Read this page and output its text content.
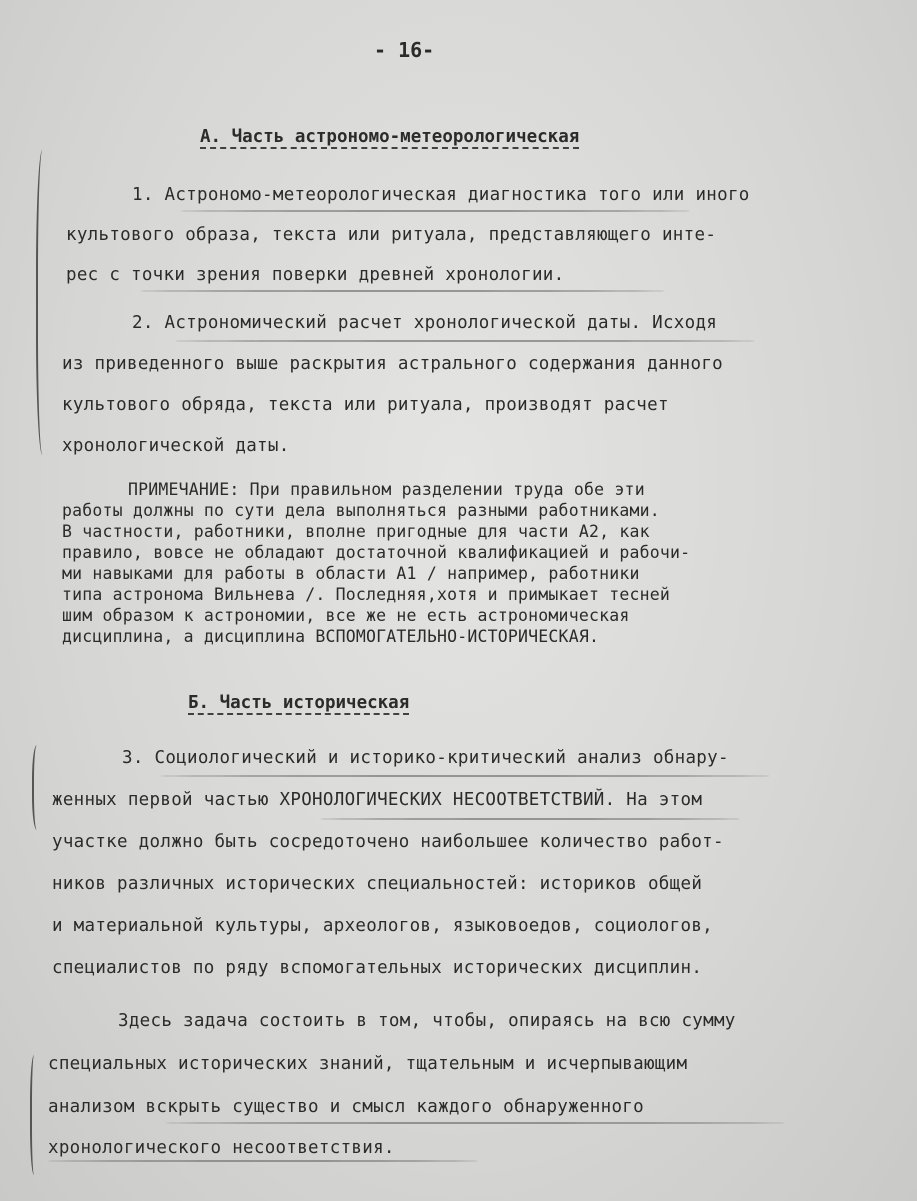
- 16-
А. Часть астрономо-метеорологическая
1. Астрономо-метеорологическая диагностика того или иного
культового образа, текста или ритуала, представляющего инте-
рес с точки зрения поверки древней хронологии.
2. Астрономический расчет хронологической даты. Исходя
из приведенного выше раскрытия астрального содержания данного
культового обряда, текста или ритуала, производят расчет
хронологической даты.
ПРИМЕЧАНИЕ: При правильном разделении труда обе эти
работы должны по сути дела выполняться разными работниками.
В частности, работники, вполне пригодные для части А2, как
правило, вовсе не обладают достаточной квалификацией и рабочи-
ми навыками для работы в области А1 / например, работники
типа астронома Вильнева /. Последняя,хотя и примыкает тесней
шим образом к астрономии, все же не есть астрономическая
дисциплина, а дисциплина ВСПОМОГАТЕЛЬНО-ИСТОРИЧЕСКАЯ.
Б. Часть историческая
3. Социологический и историко-критический анализ обнару-
женных первой частью ХРОНОЛОГИЧЕСКИХ НЕСООТВЕТСТВИЙ. На этом
участке должно быть сосредоточено наибольшее количество работ-
ников различных исторических специальностей: историков общей
и материальной культуры, археологов, языковоедов, социологов,
специалистов по ряду вспомогательных исторических дисциплин.
Здесь задача состоить в том, чтобы, опираясь на всю сумму
специальных исторических знаний, тщательным и исчерпывающим
анализом вскрыть существо и смысл каждого обнаруженного
хронологического несоответствия.
